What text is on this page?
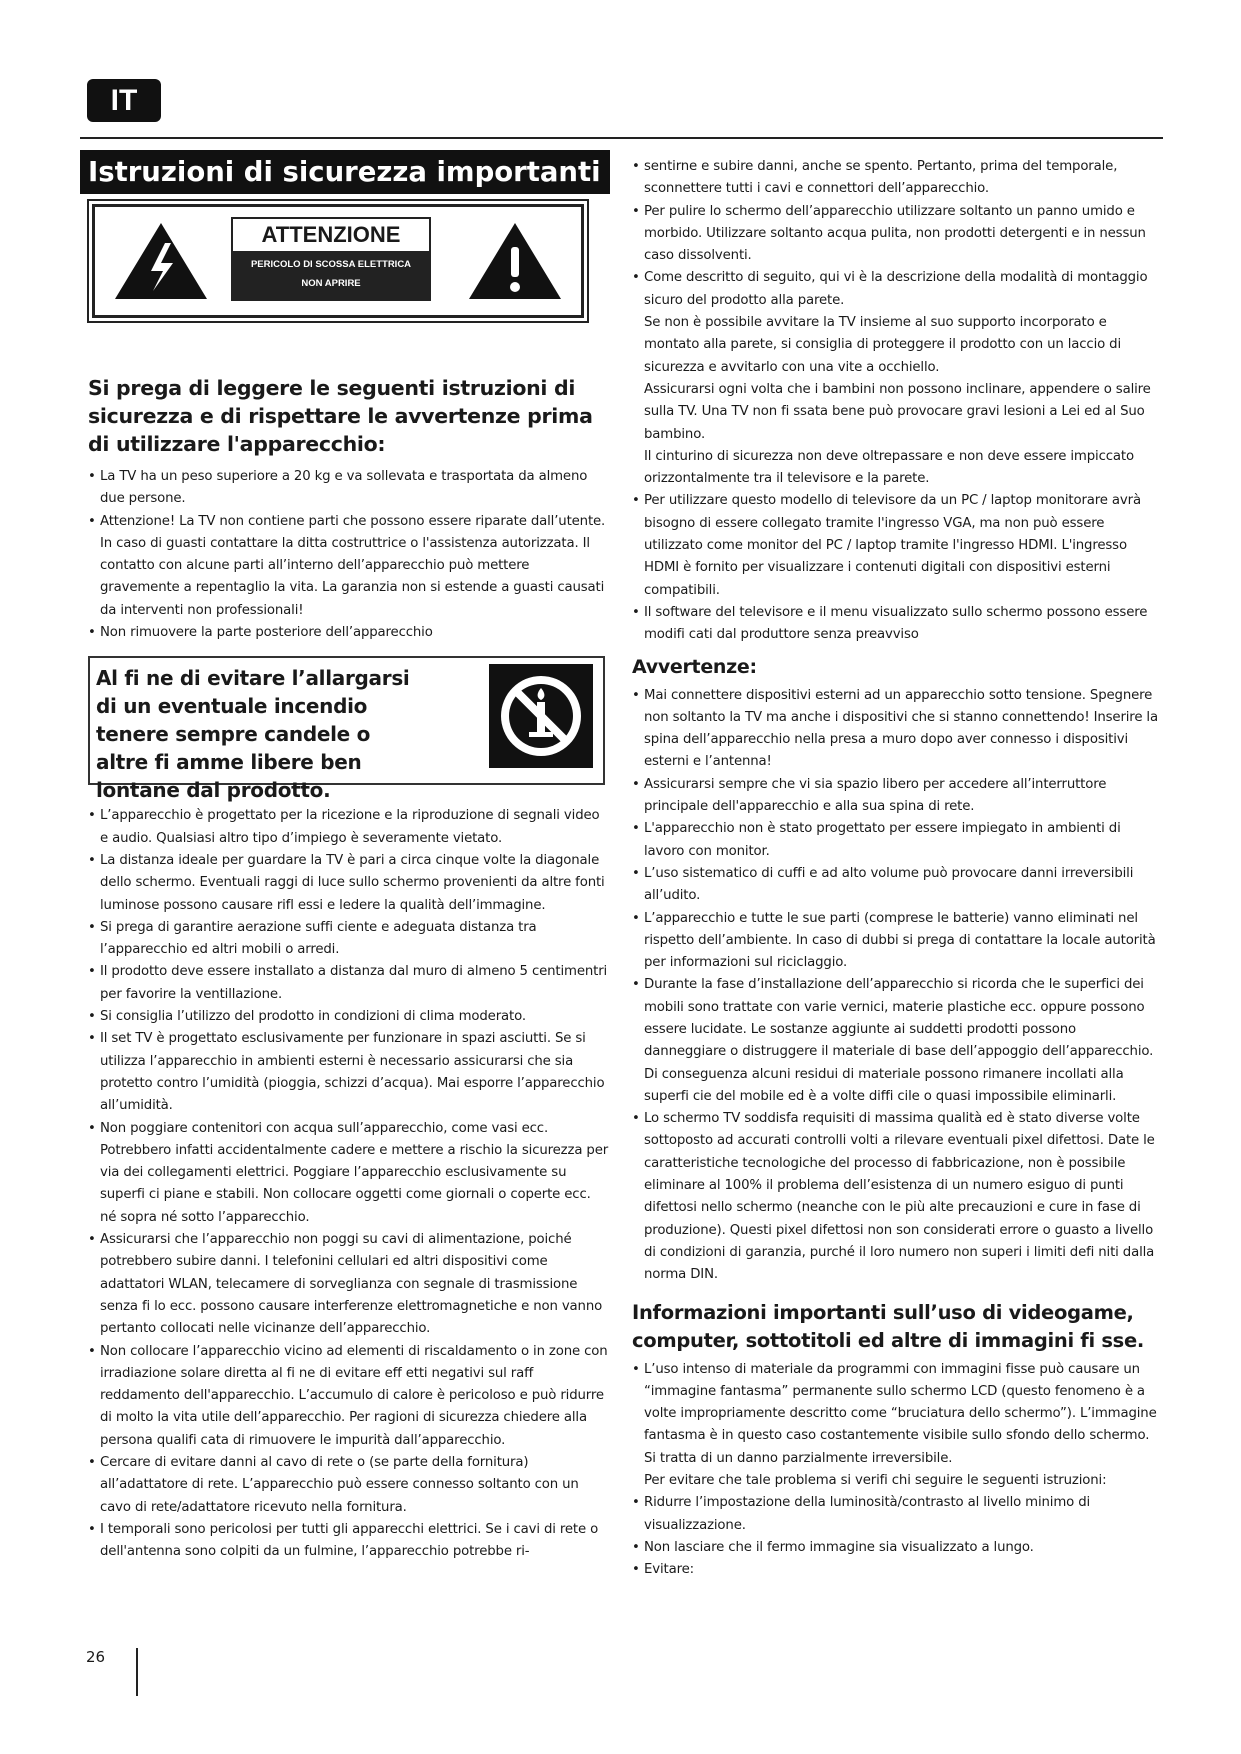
IT
Istruzioni di sicurezza importanti
ATTENZIONE
PERICOLO DI SCOSSA ELETTRICA
NON APRIRE
Si prega di leggere le seguenti istruzioni di sicurezza e di rispettare le avvertenze prima di utilizzare l'apparecchio:
• La TV ha un peso superiore a 20 kg e va sollevata e trasportata da almeno due persone.
• Attenzione! La TV non contiene parti che possono essere riparate dall’utente. In caso di guasti contattare la ditta costruttrice o l'assistenza autorizzata. Il contatto con alcune parti all’interno dell’apparecchio può mettere gravemente a repentaglio la vita. La garanzia non si estende a guasti causati da interventi non professionali!
• Non rimuovere la parte posteriore dell’apparecchio
Al fi ne di evitare l’allargarsi di un eventuale incendio tenere sempre candele o altre fi amme libere ben lontane dal prodotto.
• L’apparecchio è progettato per la ricezione e la riproduzione di segnali video e audio. Qualsiasi altro tipo d’impiego è severamente vietato.
• La distanza ideale per guardare la TV è pari a circa cinque volte la diagonale dello schermo. Eventuali raggi di luce sullo schermo provenienti da altre fonti luminose possono causare rifl essi e ledere la qualità dell’immagine.
• Si prega di garantire aerazione suffi ciente e adeguata distanza tra l’apparecchio ed altri mobili o arredi.
• Il prodotto deve essere installato a distanza dal muro di almeno 5 centimentri per favorire la ventillazione.
• Si consiglia l’utilizzo del prodotto in condizioni di clima moderato.
• Il set TV è progettato esclusivamente per funzionare in spazi asciutti. Se si utilizza l’apparecchio in ambienti esterni è necessario assicurarsi che sia protetto contro l’umidità (pioggia, schizzi d’acqua). Mai esporre l’apparecchio all’umidità.
• Non poggiare contenitori con acqua sull’apparecchio, come vasi ecc. Potrebbero infatti accidentalmente cadere e mettere a rischio la sicurezza per via dei collegamenti elettrici. Poggiare l’apparecchio esclusivamente su superfi ci piane e stabili. Non collocare oggetti come giornali o coperte ecc. né sopra né sotto l’apparecchio.
• Assicurarsi che l’apparecchio non poggi su cavi di alimentazione, poiché potrebbero subire danni. I telefonini cellulari ed altri dispositivi come adattatori WLAN, telecamere di sorveglianza con segnale di trasmissione senza fi lo ecc. possono causare interferenze elettromagnetiche e non vanno pertanto collocati nelle vicinanze dell’apparecchio.
• Non collocare l’apparecchio vicino ad elementi di riscaldamento o in zone con irradiazione solare diretta al fi ne di evitare eff etti negativi sul raff reddamento dell'apparecchio. L’accumulo di calore è pericoloso e può ridurre di molto la vita utile dell’apparecchio. Per ragioni di sicurezza chiedere alla persona qualifi cata di rimuovere le impurità dall’apparecchio.
• Cercare di evitare danni al cavo di rete o (se parte della fornitura) all’adattatore di rete. L’apparecchio può essere connesso soltanto con un cavo di rete/adattatore ricevuto nella fornitura.
• I temporali sono pericolosi per tutti gli apparecchi elettrici. Se i cavi di rete o dell'antenna sono colpiti da un fulmine, l’apparecchio potrebbe ri-
• sentirne e subire danni, anche se spento. Pertanto, prima del temporale, sconnettere tutti i cavi e connettori dell’apparecchio.
• Per pulire lo schermo dell’apparecchio utilizzare soltanto un panno umido e morbido. Utilizzare soltanto acqua pulita, non prodotti detergenti e in nessun caso dissolventi.
• Come descritto di seguito, qui vi è la descrizione della modalità di montaggio sicuro del prodotto alla parete.
Se non è possibile avvitare la TV insieme al suo supporto incorporato e montato alla parete, si consiglia di proteggere il prodotto con un laccio di sicurezza e avvitarlo con una vite a occhiello.
Assicurarsi ogni volta che i bambini non possono inclinare, appendere o salire sulla TV. Una TV non fi ssata bene può provocare gravi lesioni a Lei ed al Suo bambino.
Il cinturino di sicurezza non deve oltrepassare e non deve essere impiccato orizzontalmente tra il televisore e la parete.
• Per utilizzare questo modello di televisore da un PC / laptop monitorare avrà bisogno di essere collegato tramite l'ingresso VGA, ma non può essere utilizzato come monitor del PC / laptop tramite l'ingresso HDMI. L'ingresso HDMI è fornito per visualizzare i contenuti digitali con dispositivi esterni compatibili.
• Il software del televisore e il menu visualizzato sullo schermo possono essere modifi cati dal produttore senza preavviso
Avvertenze:
• Mai connettere dispositivi esterni ad un apparecchio sotto tensione. Spegnere non soltanto la TV ma anche i dispositivi che si stanno connettendo! Inserire la spina dell’apparecchio nella presa a muro dopo aver connesso i dispositivi esterni e l’antenna!
• Assicurarsi sempre che vi sia spazio libero per accedere all’interruttore principale dell'apparecchio e alla sua spina di rete.
• L'apparecchio non è stato progettato per essere impiegato in ambienti di lavoro con monitor.
• L’uso sistematico di cuffi e ad alto volume può provocare danni irreversibili all’udito.
• L’apparecchio e tutte le sue parti (comprese le batterie) vanno eliminati nel rispetto dell’ambiente. In caso di dubbi si prega di contattare la locale autorità per informazioni sul riciclaggio.
• Durante la fase d’installazione dell’apparecchio si ricorda che le superfici dei mobili sono trattate con varie vernici, materie plastiche ecc. oppure possono essere lucidate. Le sostanze aggiunte ai suddetti prodotti possono danneggiare o distruggere il materiale di base dell’appoggio dell’apparecchio. Di conseguenza alcuni residui di materiale possono rimanere incollati alla superfi cie del mobile ed è a volte diffi cile o quasi impossibile eliminarli.
• Lo schermo TV soddisfa requisiti di massima qualità ed è stato diverse volte sottoposto ad accurati controlli volti a rilevare eventuali pixel difettosi. Date le caratteristiche tecnologiche del processo di fabbricazione, non è possibile eliminare al 100% il problema dell’esistenza di un numero esiguo di punti difettosi nello schermo (neanche con le più alte precauzioni e cure in fase di produzione). Questi pixel difettosi non son considerati errore o guasto a livello di condizioni di garanzia, purché il loro numero non superi i limiti defi niti dalla norma DIN.
Informazioni importanti sull’uso di videogame, computer, sottotitoli ed altre di immagini fi sse.
• L’uso intenso di materiale da programmi con immagini fisse può causare un “immagine fantasma” permanente sullo schermo LCD (questo fenomeno è a volte impropriamente descritto come “bruciatura dello schermo”). L’immagine fantasma è in questo caso costantemente visibile sullo sfondo dello schermo. Si tratta di un danno parzialmente irreversibile.
Per evitare che tale problema si verifi chi seguire le seguenti istruzioni:
• Ridurre l’impostazione della luminosità/contrasto al livello minimo di visualizzazione.
• Non lasciare che il fermo immagine sia visualizzato a lungo.
• Evitare:
26
